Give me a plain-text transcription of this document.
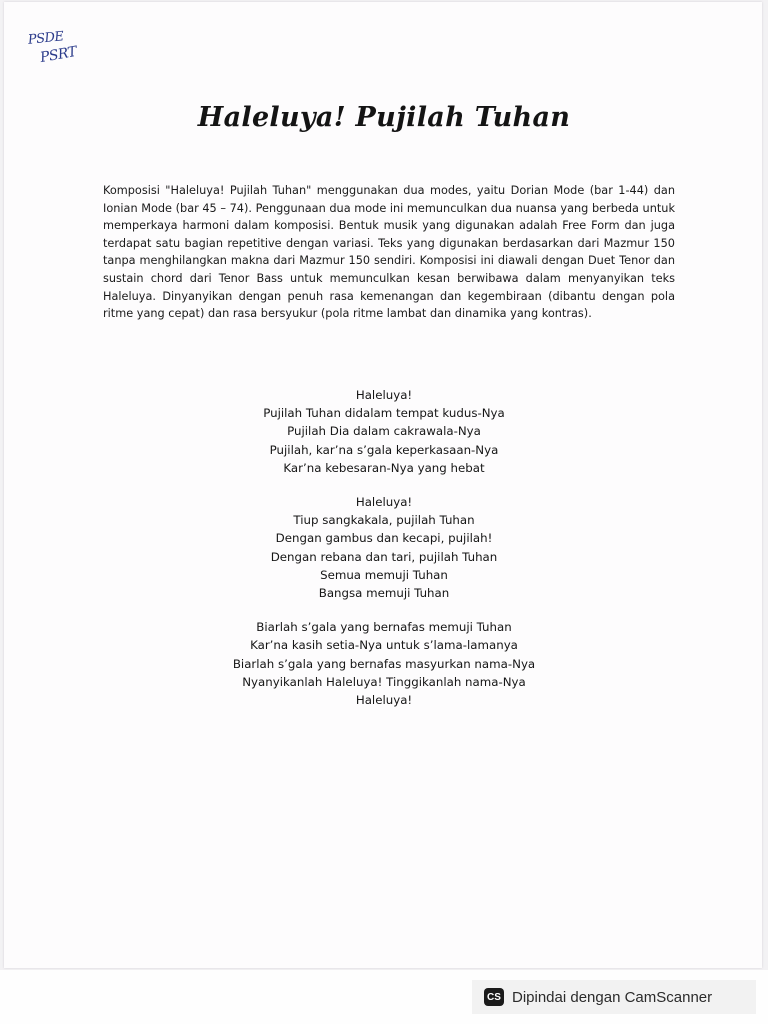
PSDE
PSRT
Haleluya! Pujilah Tuhan

Komposisi "Haleluya! Pujilah Tuhan" menggunakan dua modes, yaitu Dorian Mode (bar 1-44) dan Ionian Mode (bar 45 – 74). Penggunaan dua mode ini memunculkan dua nuansa yang berbeda untuk memperkaya harmoni dalam komposisi. Bentuk musik yang digunakan adalah Free Form dan juga terdapat satu bagian repetitive dengan variasi. Teks yang digunakan berdasarkan dari Mazmur 150 tanpa menghilangkan makna dari Mazmur 150 sendiri. Komposisi ini diawali dengan Duet Tenor dan sustain chord dari Tenor Bass untuk memunculkan kesan berwibawa dalam menyanyikan teks Haleluya. Dinyanyikan dengan penuh rasa kemenangan dan kegembiraan (dibantu dengan pola ritme yang cepat) dan rasa bersyukur (pola ritme lambat dan dinamika yang kontras).

Haleluya!
Pujilah Tuhan didalam tempat kudus-Nya
Pujilah Dia dalam cakrawala-Nya
Pujilah, kar’na s’gala keperkasaan-Nya
Kar’na kebesaran-Nya yang hebat
Haleluya!
Tiup sangkakala, pujilah Tuhan
Dengan gambus dan kecapi, pujilah!
Dengan rebana dan tari, pujilah Tuhan
Semua memuji Tuhan
Bangsa memuji Tuhan
Biarlah s’gala yang bernafas memuji Tuhan
Kar’na kasih setia-Nya untuk s’lama-lamanya
Biarlah s’gala yang bernafas masyurkan nama-Nya
Nyanyikanlah Haleluya! Tinggikanlah nama-Nya
Haleluya!
CS Dipindai dengan CamScanner
